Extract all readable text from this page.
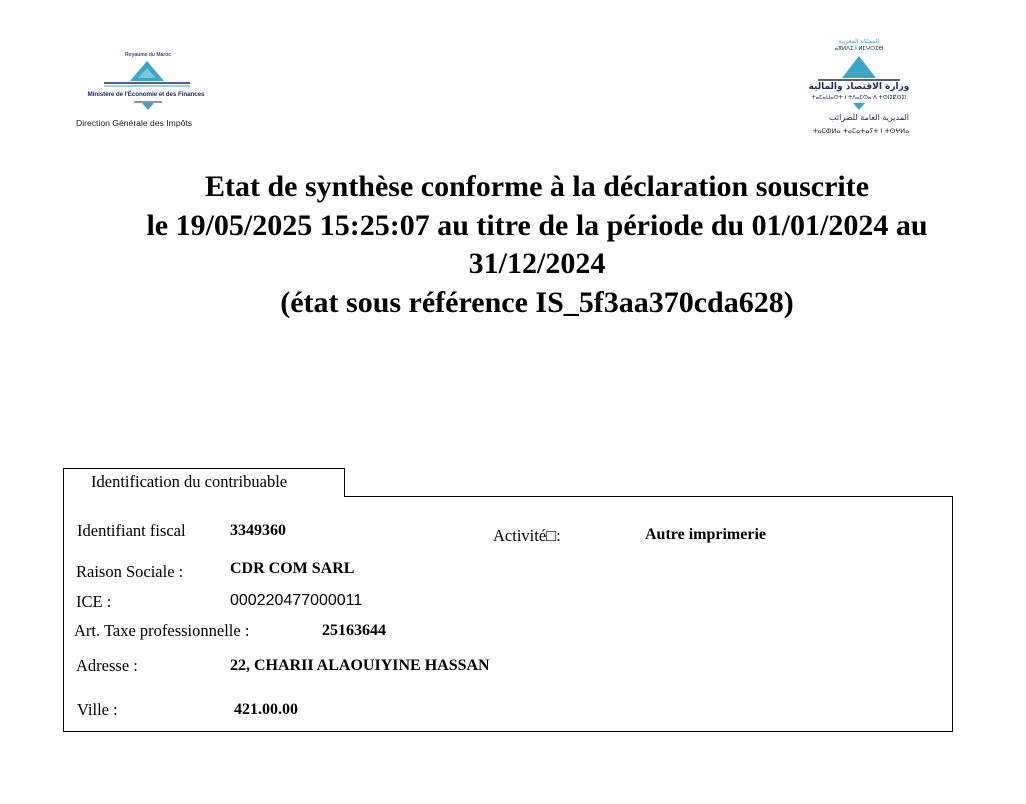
Royaume du Maroc
Ministère de l'Économie et des Finances
Direction Générale des Impôts
المملكة المغربية
ⴰⴳⵍⴷⵉ ⵏ ⵍⵎⵖⵔⵉⴱ
وزارة الاقتصاد والمالية
ⵜⴰⵎⴰⵡⴰⵙⵜ ⵏ ⵜⴷⴰⵎⵙⴰ ⴷ ⵜⵙⵏⵉⵇⵙⵉⵏ
المديرية العامة للضرائب
ⵜⴰⵎⵀⵍⴰ ⵜⴰⵎⴰⵜⴰⵢⵜ ⵏ ⵜⵙⵖⵍⴰ
Etat de synthèse conforme à la déclaration souscrite
le 19/05/2025 15:25:07 au titre de la période du 01/01/2024 au
31/12/2024
(état sous référence IS_5f3aa370cda628)
Identification du contribuable
Identifiant fiscal	3349360	Activité□:	Autre imprimerie
Raison Sociale :	CDR COM SARL
ICE :	000220477000011
Art. Taxe professionnelle :	25163644
Adresse :	22, CHARII ALAOUIYINE HASSAN
Ville :	421.00.00
